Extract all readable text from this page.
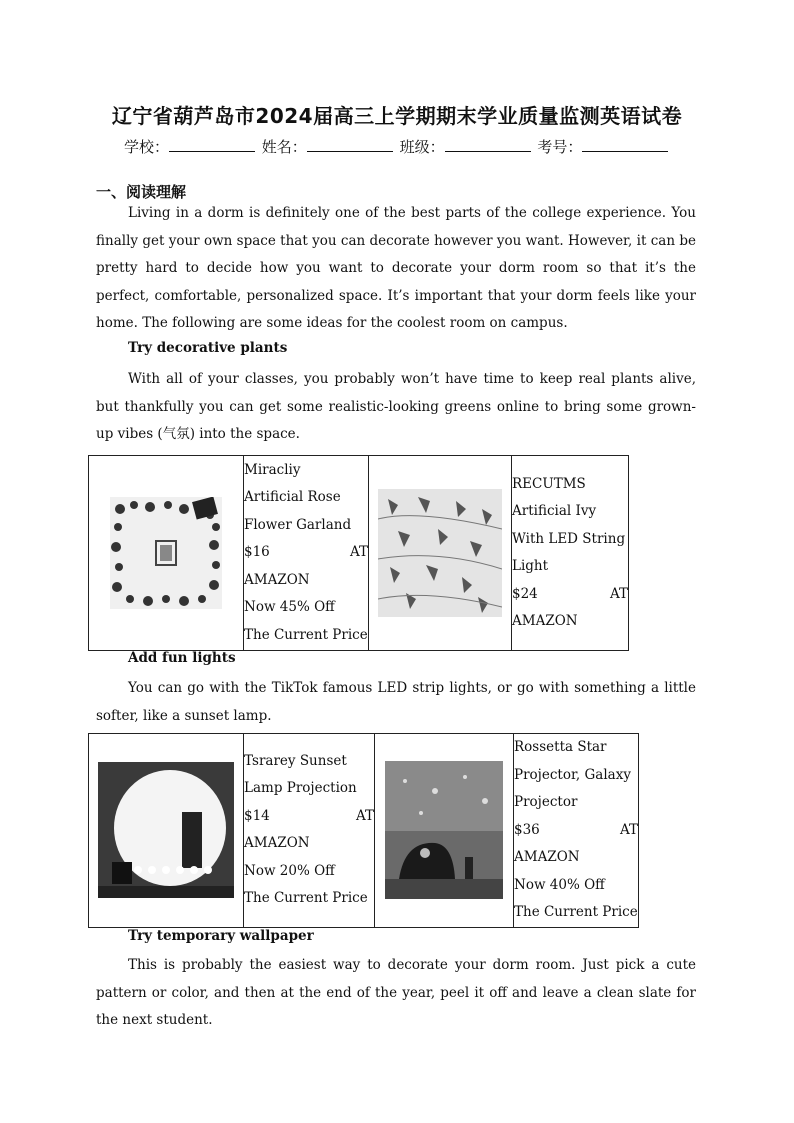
辽宁省葫芦岛市2024届高三上学期期末学业质量监测英语试卷
学校：	姓名：	班级：	考号：
一、阅读理解

Living in a dorm is definitely one of the best parts of the college experience. You finally get your own space that you can decorate however you want. However, it can be pretty hard to decide how you want to decorate your dorm room so that it’s the perfect, comfortable, personalized space. It’s important that your dorm feels like your home. The following are some ideas for the coolest room on campus.

Try decorative plants

With all of your classes, you probably won’t have time to keep real plants alive, but thankfully you can get some realistic-looking greens online to bring some grown-up vibes (气氛) into the space.

Miracliy
Artificial Rose
Flower Garland
$16	AT
AMAZON
Now 45% Off
The Current Price

RECUTMS
Artificial Ivy
With LED String
Light
$24	AT
AMAZON
Add fun lights

You can go with the TikTok famous LED strip lights, or go with something a little softer, like a sunset lamp.

Tsrarey Sunset
Lamp Projection
$14	AT
AMAZON
Now 20% Off
The Current Price

Rossetta Star
Projector, Galaxy
Projector
$36	AT
AMAZON
Now 40% Off
The Current Price
Try temporary wallpaper

This is probably the easiest way to decorate your dorm room. Just pick a cute pattern or color, and then at the end of the year, peel it off and leave a clean slate for the next student.
